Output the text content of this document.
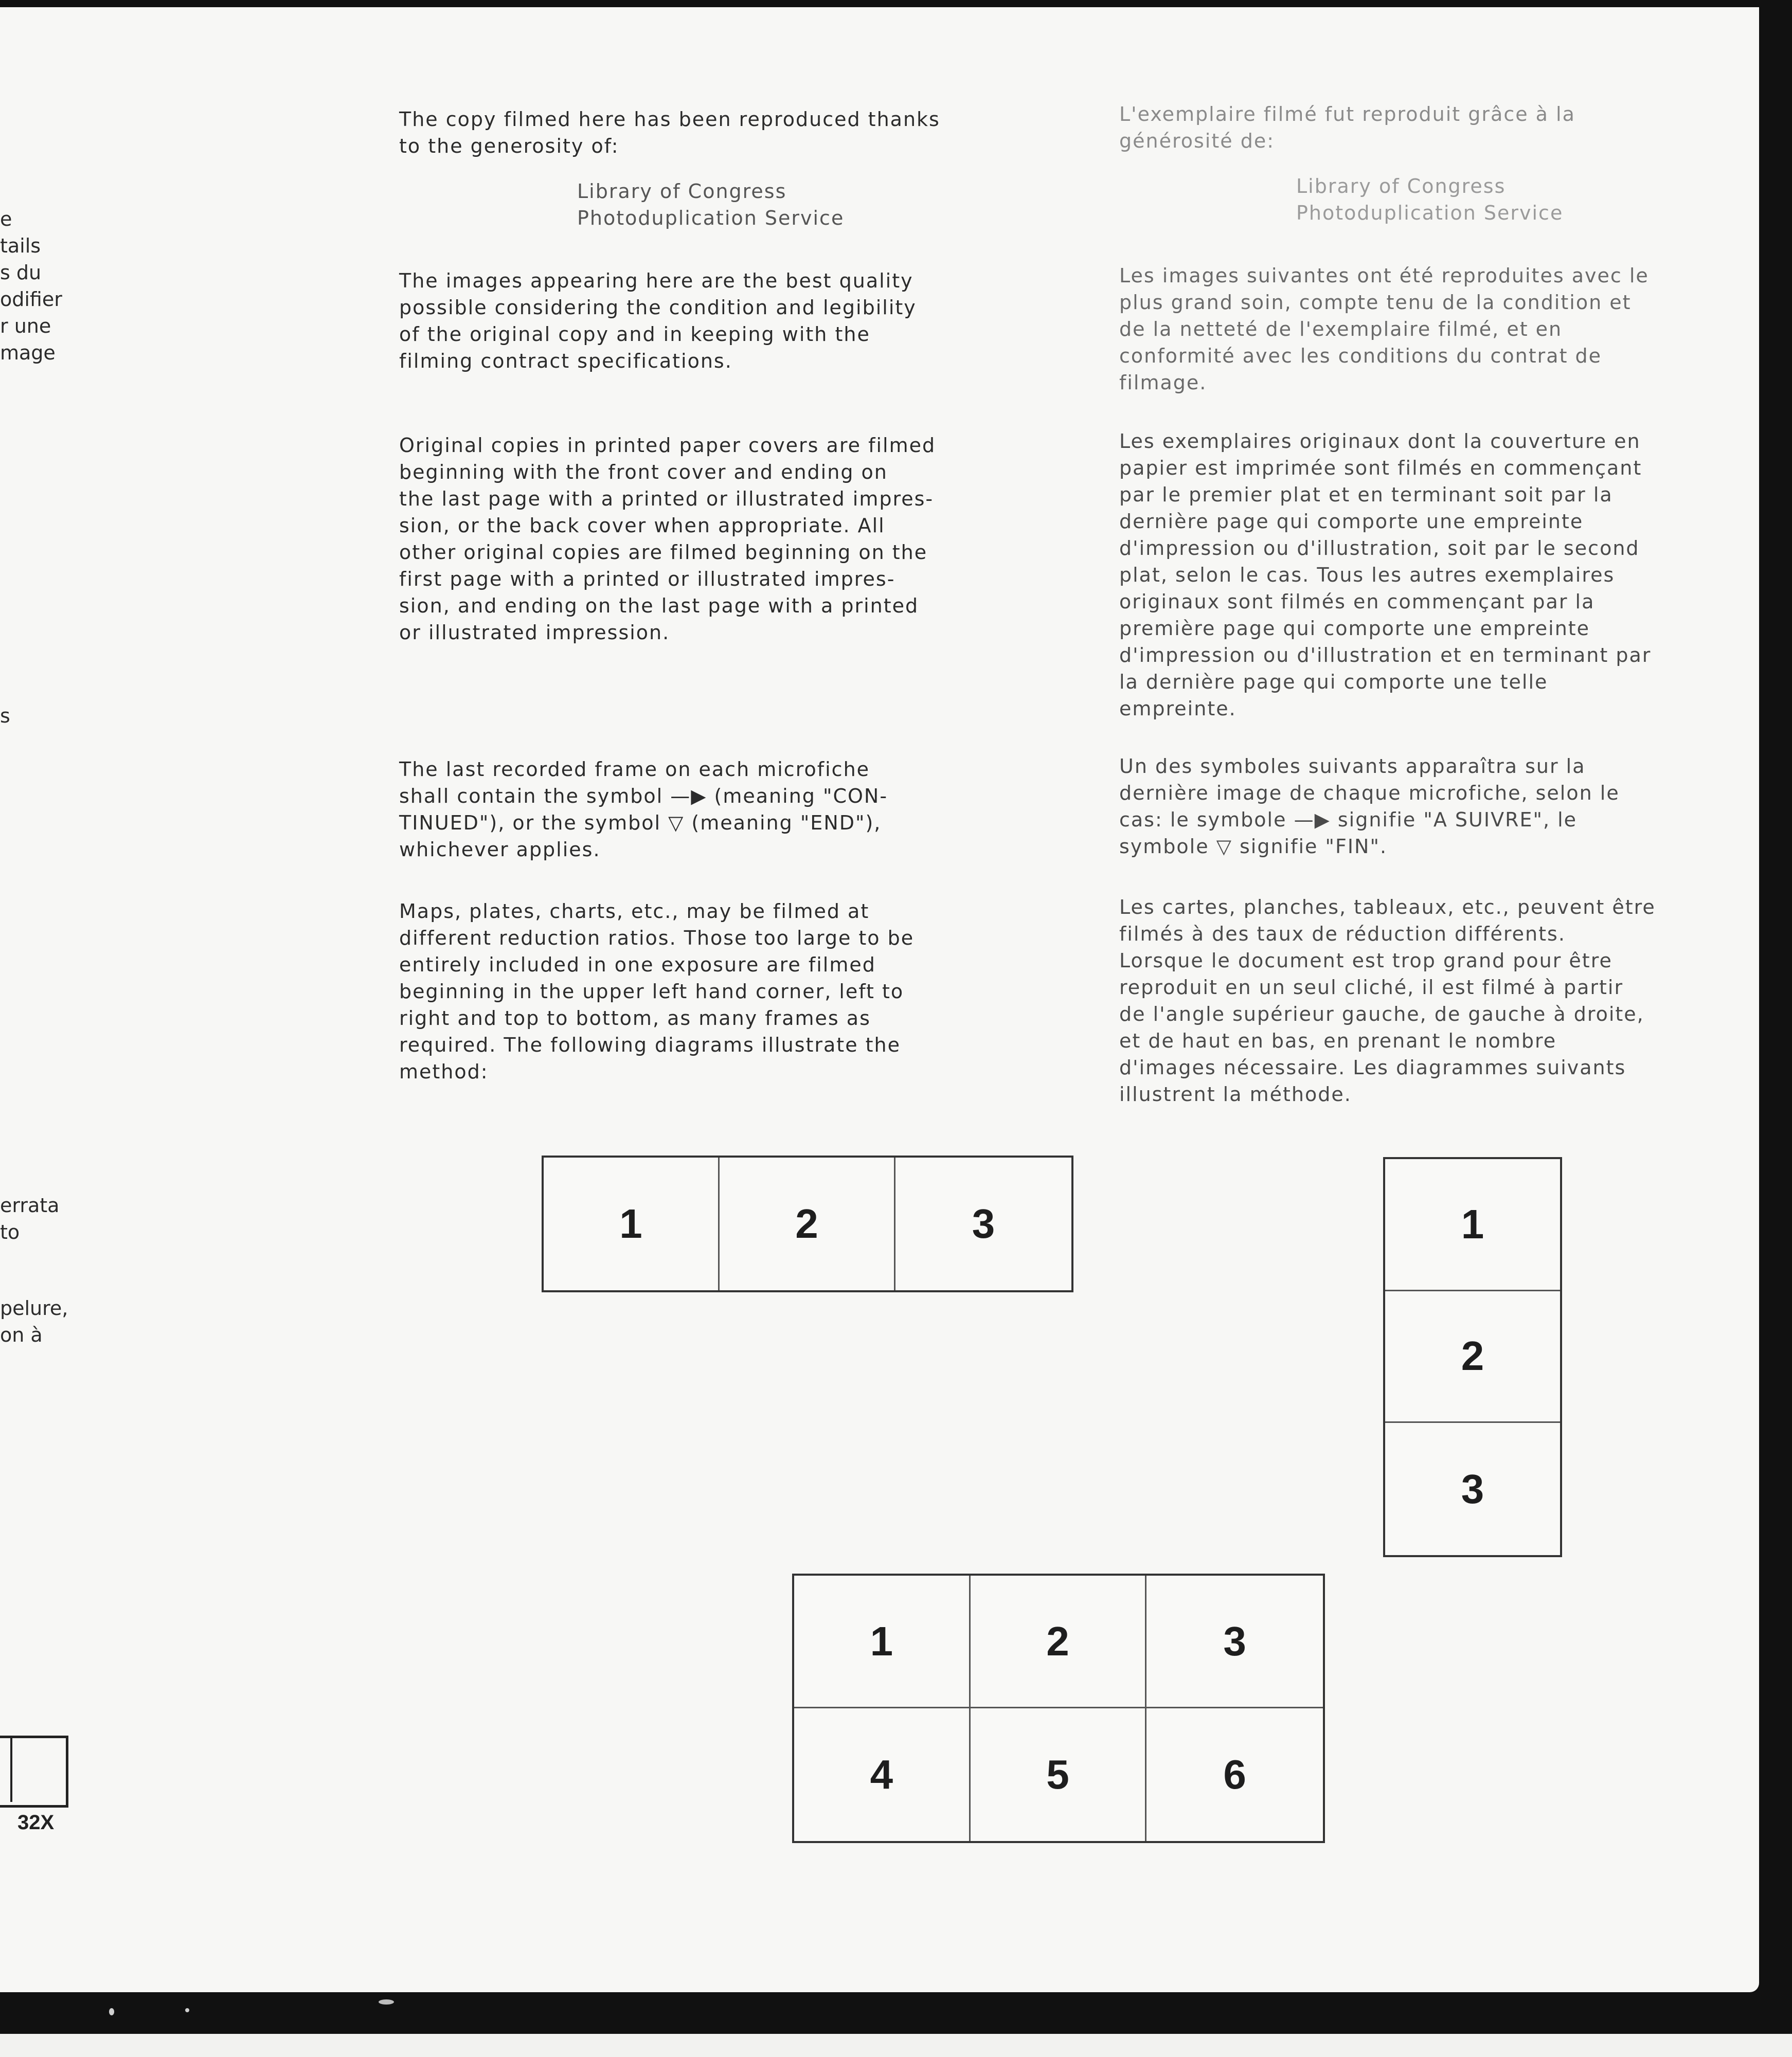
e
tails
s du
odifier
r une
mage
s
errata
to
pelure,
on à
The copy filmed here has been reproduced thanks
to the generosity of:
Library of Congress
Photoduplication Service
The images appearing here are the best quality
possible considering the condition and legibility
of the original copy and in keeping with the
filming contract specifications.
Original copies in printed paper covers are filmed
beginning with the front cover and ending on
the last page with a printed or illustrated impres-
sion, or the back cover when appropriate. All
other original copies are filmed beginning on the
first page with a printed or illustrated impres-
sion, and ending on the last page with a printed
or illustrated impression.
The last recorded frame on each microfiche
shall contain the symbol —▶ (meaning "CON-
TINUED"), or the symbol ▽ (meaning "END"),
whichever applies.
Maps, plates, charts, etc., may be filmed at
different reduction ratios. Those too large to be
entirely included in one exposure are filmed
beginning in the upper left hand corner, left to
right and top to bottom, as many frames as
required. The following diagrams illustrate the
method:
L'exemplaire filmé fut reproduit grâce à la
générosité de:
Library of Congress
Photoduplication Service
Les images suivantes ont été reproduites avec le
plus grand soin, compte tenu de la condition et
de la netteté de l'exemplaire filmé, et en
conformité avec les conditions du contrat de
filmage.
Les exemplaires originaux dont la couverture en
papier est imprimée sont filmés en commençant
par le premier plat et en terminant soit par la
dernière page qui comporte une empreinte
d'impression ou d'illustration, soit par le second
plat, selon le cas. Tous les autres exemplaires
originaux sont filmés en commençant par la
première page qui comporte une empreinte
d'impression ou d'illustration et en terminant par
la dernière page qui comporte une telle
empreinte.
Un des symboles suivants apparaîtra sur la
dernière image de chaque microfiche, selon le
cas: le symbole —▶ signifie "A SUIVRE", le
symbole ▽ signifie "FIN".
Les cartes, planches, tableaux, etc., peuvent être
filmés à des taux de réduction différents.
Lorsque le document est trop grand pour être
reproduit en un seul cliché, il est filmé à partir
de l'angle supérieur gauche, de gauche à droite,
et de haut en bas, en prenant le nombre
d'images nécessaire. Les diagrammes suivants
illustrent la méthode.
1	2	3	1
2
3
1	2	3
4	5	6
32X
